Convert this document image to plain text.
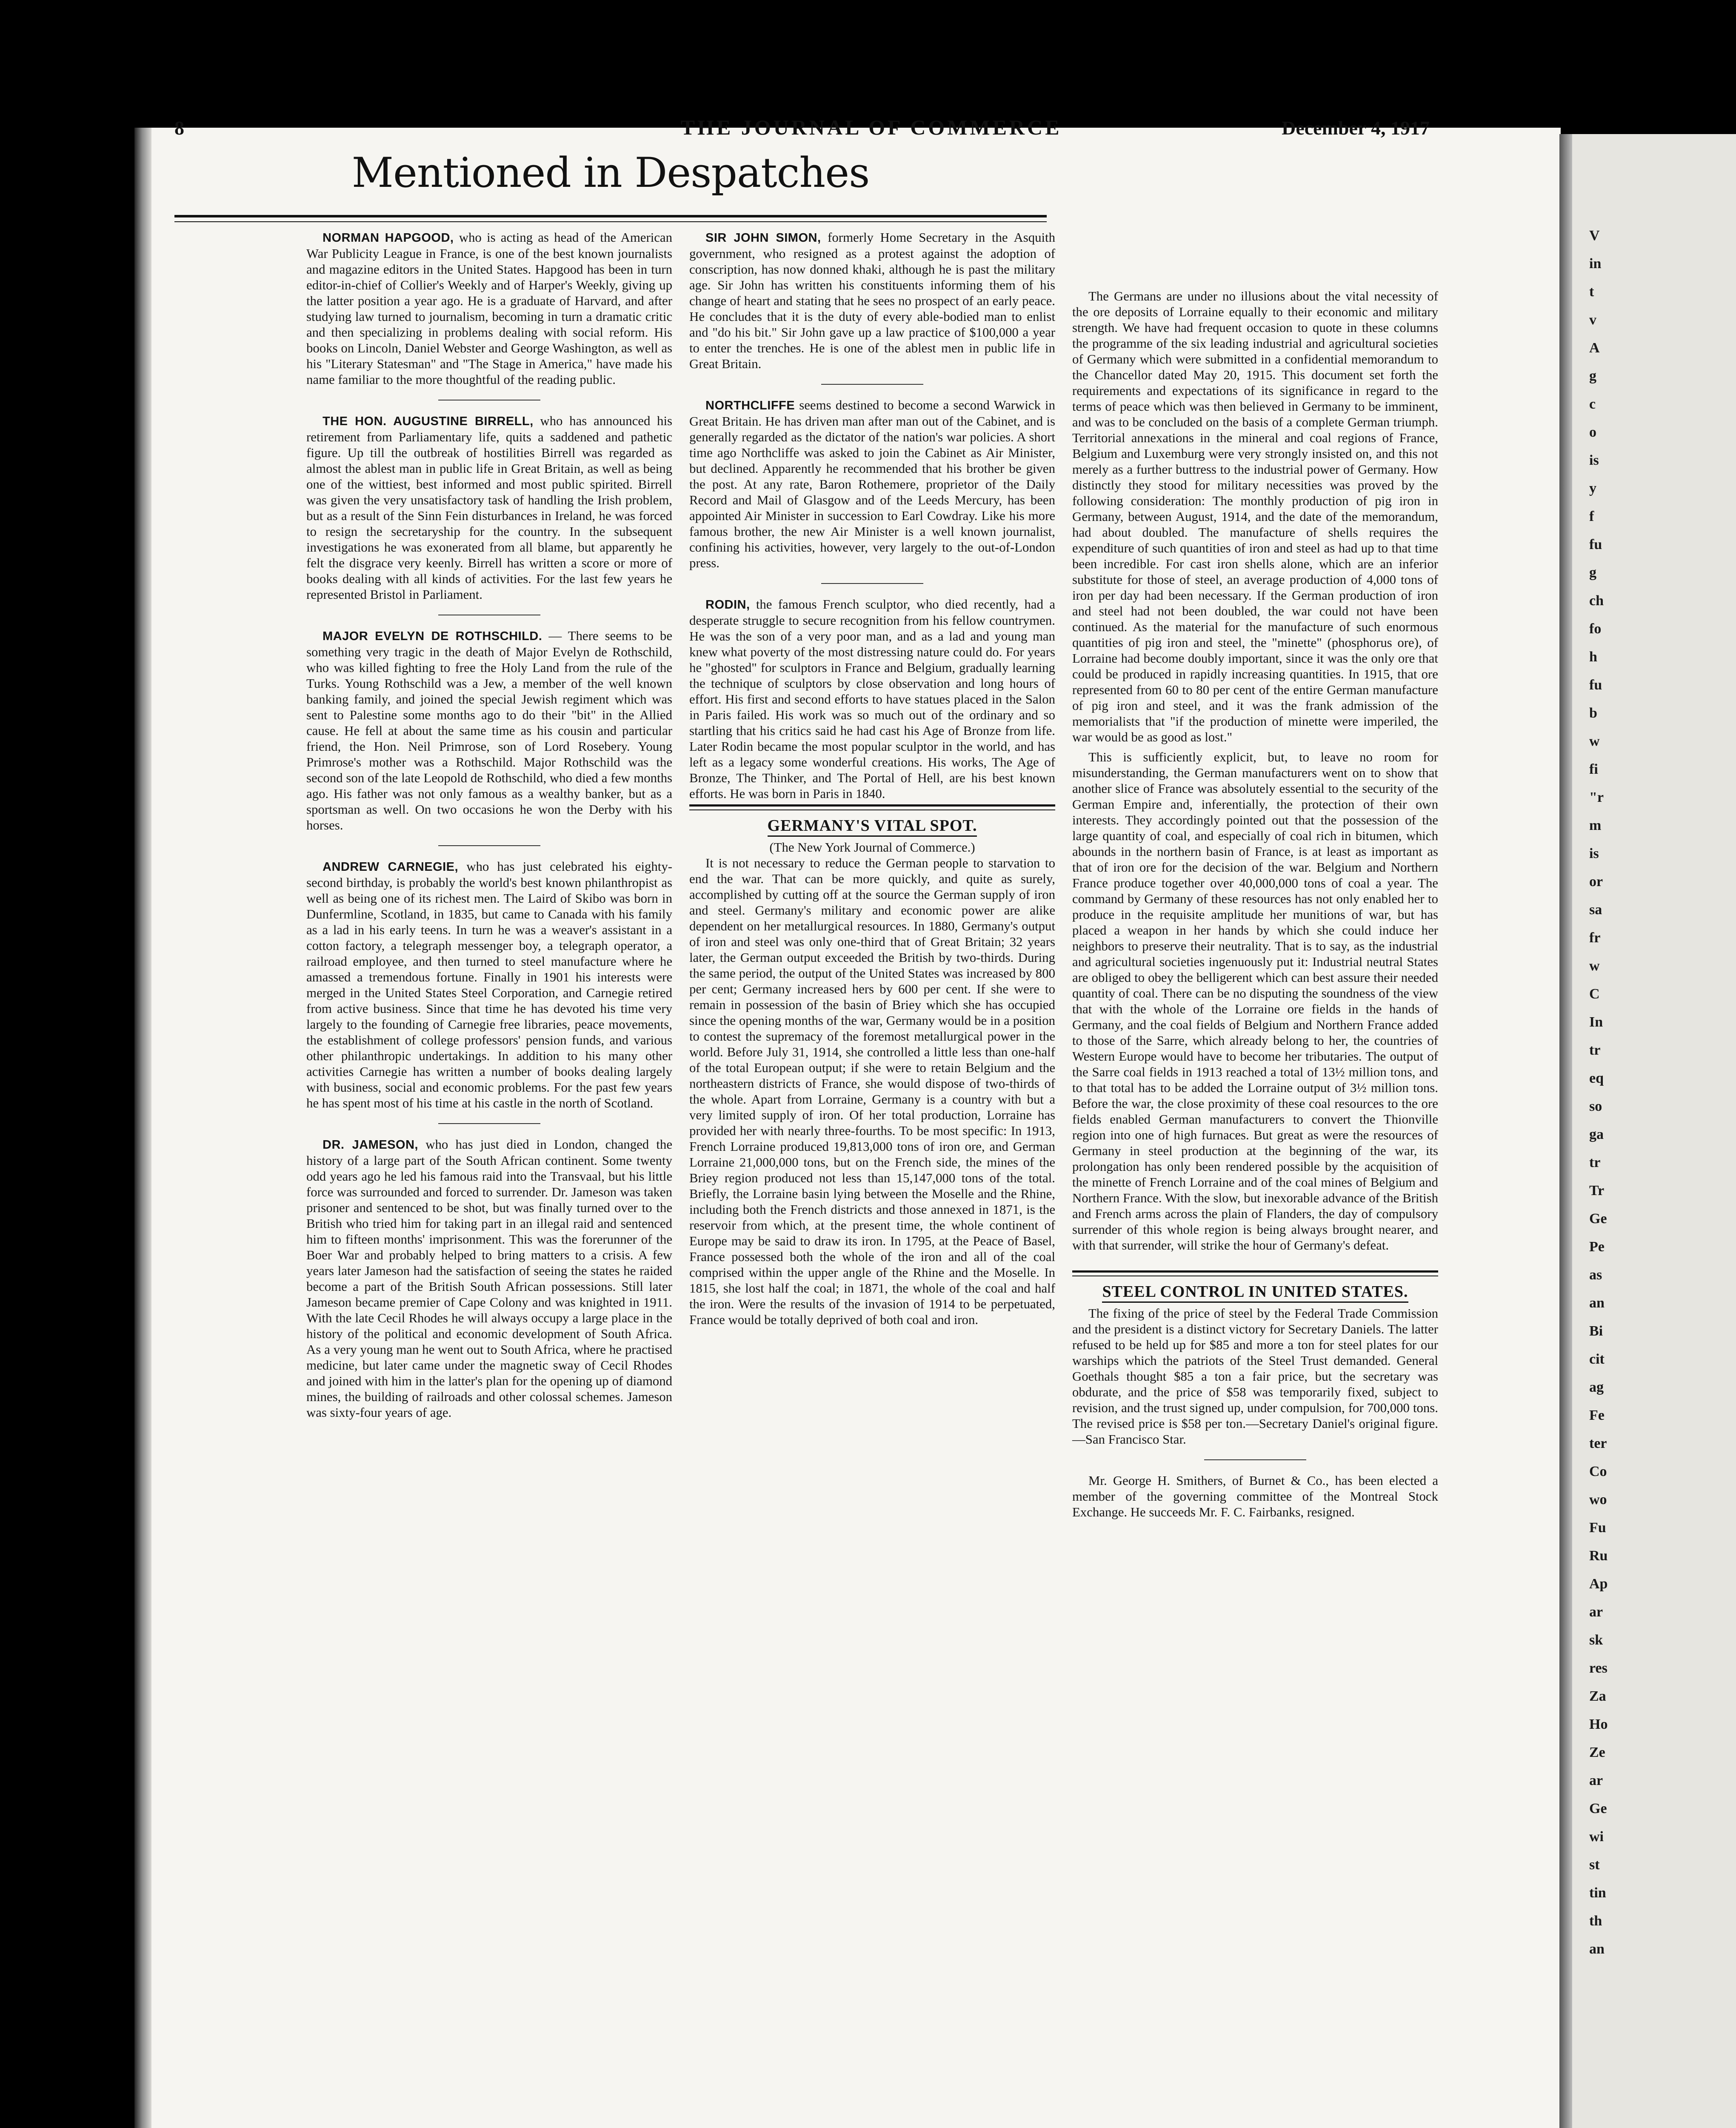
V
in
t
v
A
g
c
o
is
y
f
fu
g
ch
fo
h
fu
b
w
fi
"r
m
is
or
sa
fr
w
C
In
tr
eq
so
ga
tr
Tr
Ge
Pe
as
an
Bi
cit
ag
Fe
ter
Co
wo
Fu
Ru
Ap
ar
sk
res
Za
Ho
Ze
ar
Ge
wi
st
tin
th
an
8	THE JOURNAL OF COMMERCE	December 4, 1917
Mentioned in Despatches

NORMAN HAPGOOD, who is acting as head of the American War Publicity League in France, is one of the best known journalists and magazine editors in the United States. Hapgood has been in turn editor-in-chief of Collier's Weekly and of Harper's Weekly, giving up the latter position a year ago. He is a graduate of Harvard, and after studying law turned to journalism, becoming in turn a dramatic critic and then specializing in problems dealing with social reform. His books on Lincoln, Daniel Webster and George Washington, as well as his "Literary Statesman" and "The Stage in America," have made his name familiar to the more thoughtful of the reading public.

THE HON. AUGUSTINE BIRRELL, who has announced his retirement from Parliamentary life, quits a saddened and pathetic figure. Up till the outbreak of hostilities Birrell was regarded as almost the ablest man in public life in Great Britain, as well as being one of the wittiest, best informed and most public spirited. Birrell was given the very unsatisfactory task of handling the Irish problem, but as a result of the Sinn Fein disturbances in Ireland, he was forced to resign the secretaryship for the country. In the subsequent investigations he was exonerated from all blame, but apparently he felt the disgrace very keenly. Birrell has written a score or more of books dealing with all kinds of activities. For the last few years he represented Bristol in Parliament.

MAJOR EVELYN DE ROTHSCHILD. — There seems to be something very tragic in the death of Major Evelyn de Rothschild, who was killed fighting to free the Holy Land from the rule of the Turks. Young Rothschild was a Jew, a member of the well known banking family, and joined the special Jewish regiment which was sent to Palestine some months ago to do their "bit" in the Allied cause. He fell at about the same time as his cousin and particular friend, the Hon. Neil Primrose, son of Lord Rosebery. Young Primrose's mother was a Rothschild. Major Rothschild was the second son of the late Leopold de Rothschild, who died a few months ago. His father was not only famous as a wealthy banker, but as a sportsman as well. On two occasions he won the Derby with his horses.

ANDREW CARNEGIE, who has just celebrated his eighty-second birthday, is probably the world's best known philanthropist as well as being one of its richest men. The Laird of Skibo was born in Dunfermline, Scotland, in 1835, but came to Canada with his family as a lad in his early teens. In turn he was a weaver's assistant in a cotton factory, a telegraph messenger boy, a telegraph operator, a railroad employee, and then turned to steel manufacture where he amassed a tremendous fortune. Finally in 1901 his interests were merged in the United States Steel Corporation, and Carnegie retired from active business. Since that time he has devoted his time very largely to the founding of Carnegie free libraries, peace movements, the establishment of college professors' pension funds, and various other philanthropic undertakings. In addition to his many other activities Carnegie has written a number of books dealing largely with business, social and economic problems. For the past few years he has spent most of his time at his castle in the north of Scotland.

DR. JAMESON, who has just died in London, changed the history of a large part of the South African continent. Some twenty odd years ago he led his famous raid into the Transvaal, but his little force was surrounded and forced to surrender. Dr. Jameson was taken prisoner and sentenced to be shot, but was finally turned over to the British who tried him for taking part in an illegal raid and sentenced him to fifteen months' imprisonment. This was the forerunner of the Boer War and probably helped to bring matters to a crisis. A few years later Jameson had the satisfaction of seeing the states he raided become a part of the British South African possessions. Still later Jameson became premier of Cape Colony and was knighted in 1911. With the late Cecil Rhodes he will always occupy a large place in the history of the political and economic development of South Africa. As a very young man he went out to South Africa, where he practised medicine, but later came under the magnetic sway of Cecil Rhodes and joined with him in the latter's plan for the opening up of diamond mines, the building of railroads and other colossal schemes. Jameson was sixty-four years of age.

SIR JOHN SIMON, formerly Home Secretary in the Asquith government, who resigned as a protest against the adoption of conscription, has now donned khaki, although he is past the military age. Sir John has written his constituents informing them of his change of heart and stating that he sees no prospect of an early peace. He concludes that it is the duty of every able-bodied man to enlist and "do his bit." Sir John gave up a law practice of $100,000 a year to enter the trenches. He is one of the ablest men in public life in Great Britain.

NORTHCLIFFE seems destined to become a second Warwick in Great Britain. He has driven man after man out of the Cabinet, and is generally regarded as the dictator of the nation's war policies. A short time ago Northcliffe was asked to join the Cabinet as Air Minister, but declined. Apparently he recommended that his brother be given the post. At any rate, Baron Rothemere, proprietor of the Daily Record and Mail of Glasgow and of the Leeds Mercury, has been appointed Air Minister in succession to Earl Cowdray. Like his more famous brother, the new Air Minister is a well known journalist, confining his activities, however, very largely to the out-of-London press.

RODIN, the famous French sculptor, who died recently, had a desperate struggle to secure recognition from his fellow countrymen. He was the son of a very poor man, and as a lad and young man knew what poverty of the most distressing nature could do. For years he "ghosted" for sculptors in France and Belgium, gradually learning the technique of sculptors by close observation and long hours of effort. His first and second efforts to have statues placed in the Salon in Paris failed. His work was so much out of the ordinary and so startling that his critics said he had cast his Age of Bronze from life. Later Rodin became the most popular sculptor in the world, and has left as a legacy some wonderful creations. His works, The Age of Bronze, The Thinker, and The Portal of Hell, are his best known efforts. He was born in Paris in 1840.

GERMANY'S VITAL SPOT.

(The New York Journal of Commerce.)

It is not necessary to reduce the German people to starvation to end the war. That can be more quickly, and quite as surely, accomplished by cutting off at the source the German supply of iron and steel. Germany's military and economic power are alike dependent on her metallurgical resources. In 1880, Germany's output of iron and steel was only one-third that of Great Britain; 32 years later, the German output exceeded the British by two-thirds. During the same period, the output of the United States was increased by 800 per cent; Germany increased hers by 600 per cent. If she were to remain in possession of the basin of Briey which she has occupied since the opening months of the war, Germany would be in a position to contest the supremacy of the foremost metallurgical power in the world. Before July 31, 1914, she controlled a little less than one-half of the total European output; if she were to retain Belgium and the northeastern districts of France, she would dispose of two-thirds of the whole. Apart from Lorraine, Germany is a country with but a very limited supply of iron. Of her total production, Lorraine has provided her with nearly three-fourths. To be most specific: In 1913, French Lorraine produced 19,813,000 tons of iron ore, and German Lorraine 21,000,000 tons, but on the French side, the mines of the Briey region produced not less than 15,147,000 tons of the total. Briefly, the Lorraine basin lying between the Moselle and the Rhine, including both the French districts and those annexed in 1871, is the reservoir from which, at the present time, the whole continent of Europe may be said to draw its iron. In 1795, at the Peace of Basel, France possessed both the whole of the iron and all of the coal comprised within the upper angle of the Rhine and the Moselle. In 1815, she lost half the coal; in 1871, the whole of the coal and half the iron. Were the results of the invasion of 1914 to be perpetuated, France would be totally deprived of both coal and iron.

The Germans are under no illusions about the vital necessity of the ore deposits of Lorraine equally to their economic and military strength. We have had frequent occasion to quote in these columns the programme of the six leading industrial and agricultural societies of Germany which were submitted in a confidential memorandum to the Chancellor dated May 20, 1915. This document set forth the requirements and expectations of its significance in regard to the terms of peace which was then believed in Germany to be imminent, and was to be concluded on the basis of a complete German triumph. Territorial annexations in the mineral and coal regions of France, Belgium and Luxemburg were very strongly insisted on, and this not merely as a further buttress to the industrial power of Germany. How distinctly they stood for military necessities was proved by the following consideration: The monthly production of pig iron in Germany, between August, 1914, and the date of the memorandum, had about doubled. The manufacture of shells requires the expenditure of such quantities of iron and steel as had up to that time been incredible. For cast iron shells alone, which are an inferior substitute for those of steel, an average production of 4,000 tons of iron per day had been necessary. If the German production of iron and steel had not been doubled, the war could not have been continued. As the material for the manufacture of such enormous quantities of pig iron and steel, the "minette" (phosphorus ore), of Lorraine had become doubly important, since it was the only ore that could be produced in rapidly increasing quantities. In 1915, that ore represented from 60 to 80 per cent of the entire German manufacture of pig iron and steel, and it was the frank admission of the memorialists that "if the production of minette were imperiled, the war would be as good as lost."

This is sufficiently explicit, but, to leave no room for misunderstanding, the German manufacturers went on to show that another slice of France was absolutely essential to the security of the German Empire and, inferentially, the protection of their own interests. They accordingly pointed out that the possession of the large quantity of coal, and especially of coal rich in bitumen, which abounds in the northern basin of France, is at least as important as that of iron ore for the decision of the war. Belgium and Northern France produce together over 40,000,000 tons of coal a year. The command by Germany of these resources has not only enabled her to produce in the requisite amplitude her munitions of war, but has placed a weapon in her hands by which she could induce her neighbors to preserve their neutrality. That is to say, as the industrial and agricultural societies ingenuously put it: Industrial neutral States are obliged to obey the belligerent which can best assure their needed quantity of coal. There can be no disputing the soundness of the view that with the whole of the Lorraine ore fields in the hands of Germany, and the coal fields of Belgium and Northern France added to those of the Sarre, which already belong to her, the countries of Western Europe would have to become her tributaries. The output of the Sarre coal fields in 1913 reached a total of 13½ million tons, and to that total has to be added the Lorraine output of 3½ million tons. Before the war, the close proximity of these coal resources to the ore fields enabled German manufacturers to convert the Thionville region into one of high furnaces. But great as were the resources of Germany in steel production at the beginning of the war, its prolongation has only been rendered possible by the acquisition of the minette of French Lorraine and of the coal mines of Belgium and Northern France. With the slow, but inexorable advance of the British and French arms across the plain of Flanders, the day of compulsory surrender of this whole region is being always brought nearer, and with that surrender, will strike the hour of Germany's defeat.

STEEL CONTROL IN UNITED STATES.

The fixing of the price of steel by the Federal Trade Commission and the president is a distinct victory for Secretary Daniels. The latter refused to be held up for $85 and more a ton for steel plates for our warships which the patriots of the Steel Trust demanded. General Goethals thought $85 a ton a fair price, but the secretary was obdurate, and the price of $58 was temporarily fixed, subject to revision, and the trust signed up, under compulsion, for 700,000 tons. The revised price is $58 per ton.—Secretary Daniel's original figure.—San Francisco Star.

Mr. George H. Smithers, of Burnet & Co., has been elected a member of the governing committee of the Montreal Stock Exchange. He succeeds Mr. F. C. Fairbanks, resigned.
